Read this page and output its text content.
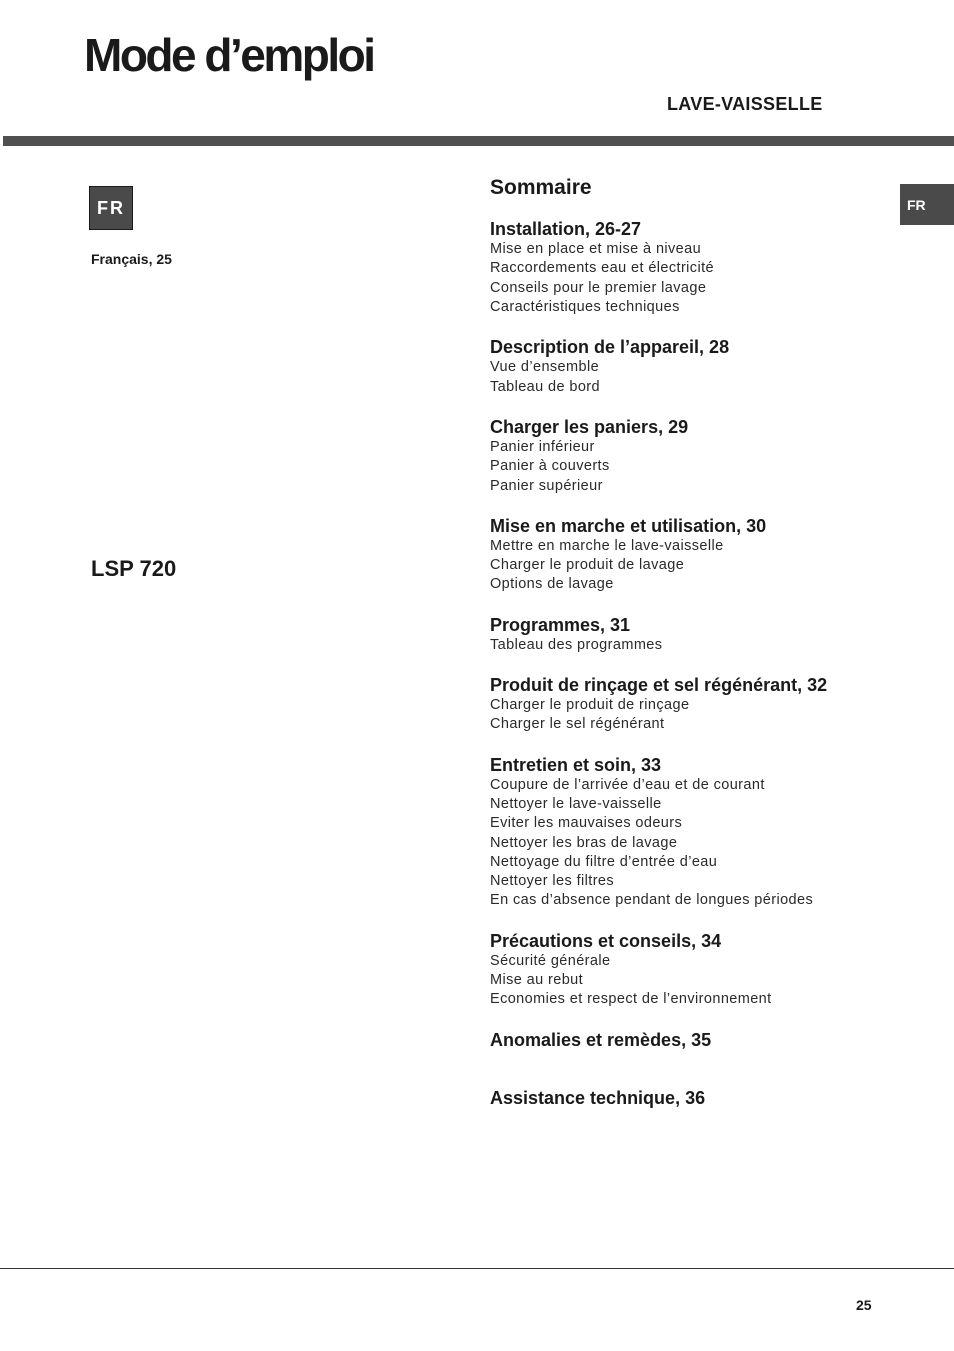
Mode d’emploi
LAVE-VAISSELLE
FR
Français, 25
LSP 720
FR
Sommaire
Installation, 26-27
Mise en place et mise à niveau
Raccordements eau et électricité
Conseils pour le premier lavage
Caractéristiques techniques
Description de l’appareil, 28
Vue d’ensemble
Tableau de bord
Charger les paniers, 29
Panier inférieur
Panier à couverts
Panier supérieur
Mise en marche et utilisation, 30
Mettre en marche le lave-vaisselle
Charger le produit de lavage
Options de lavage
Programmes, 31
Tableau des programmes
Produit de rinçage et sel régénérant, 32
Charger le produit de rinçage
Charger le sel régénérant
Entretien et soin, 33
Coupure de l’arrivée d’eau et de courant
Nettoyer le lave-vaisselle
Eviter les mauvaises odeurs
Nettoyer les bras de lavage
Nettoyage du filtre d’entrée d’eau
Nettoyer les filtres
En cas d’absence pendant de longues périodes
Précautions et conseils, 34
Sécurité générale
Mise au rebut
Economies et respect de l’environnement
Anomalies et remèdes, 35
Assistance technique, 36
25
